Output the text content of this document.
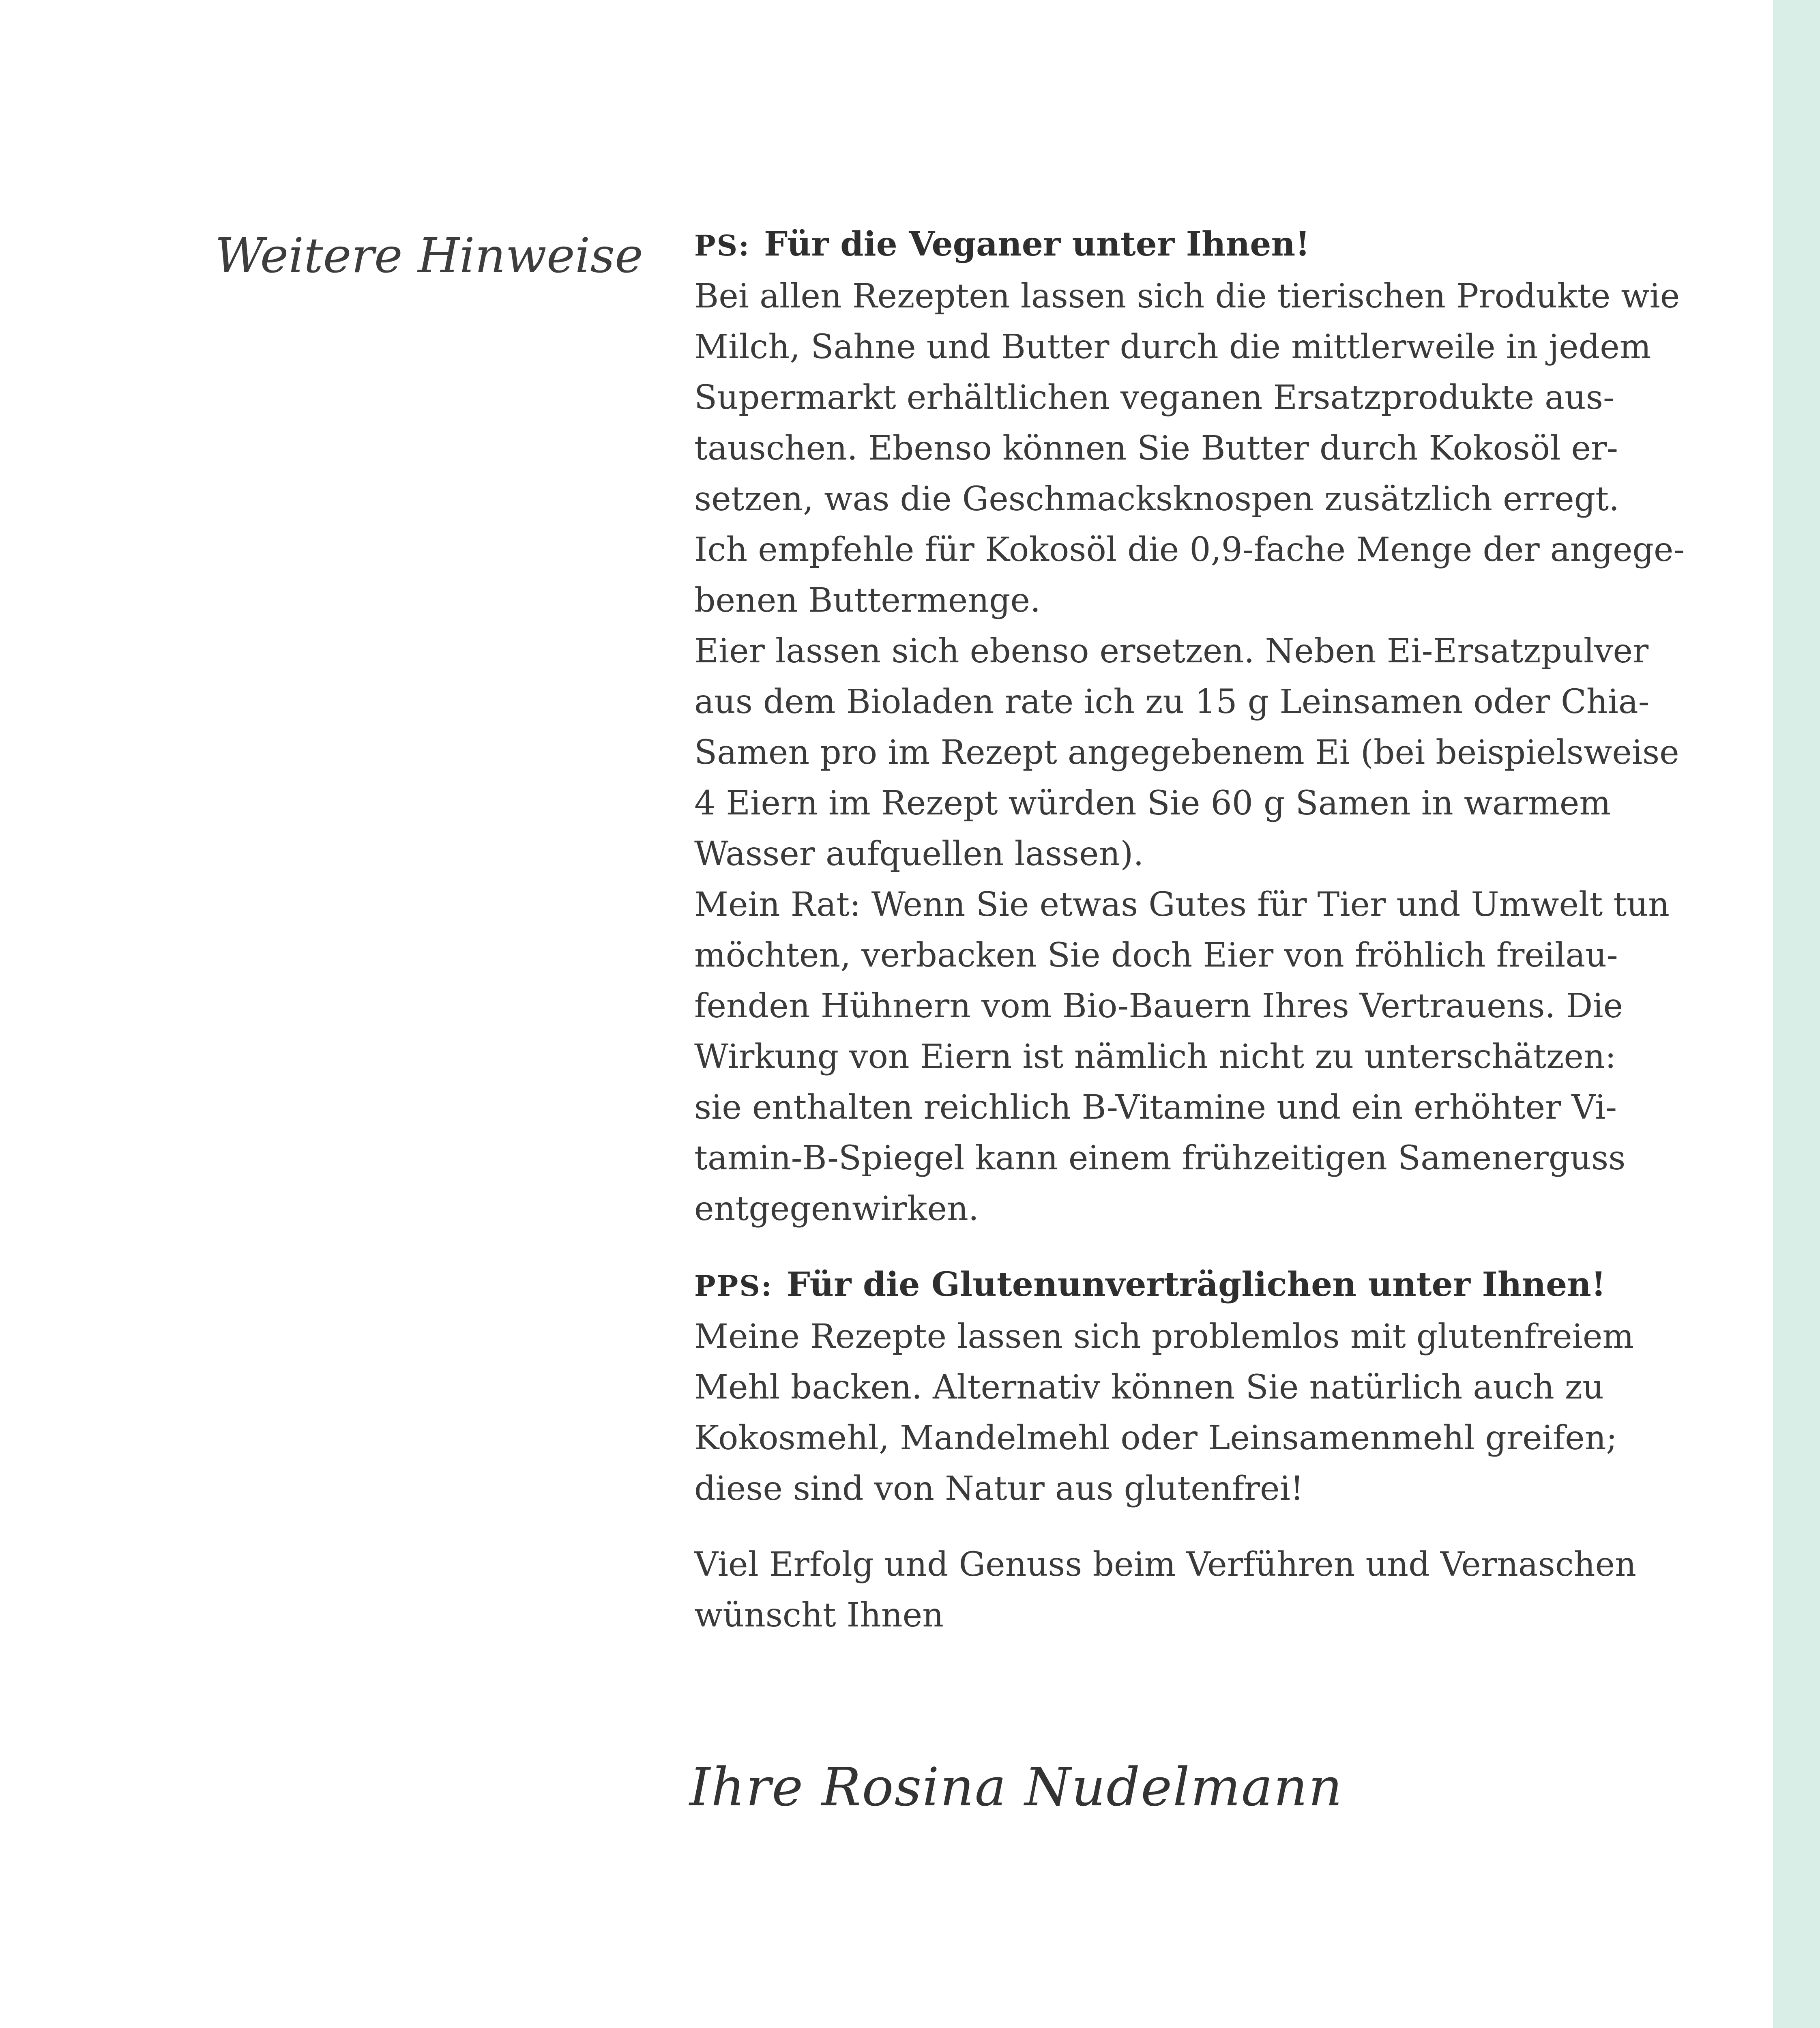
Weitere Hinweise PS: Für die Veganer unter Ihnen!
Bei allen Rezepten lassen sich die tierischen Produkte wie
Milch, Sahne und Butter durch die mittlerweile in jedem
Supermarkt erhältlichen veganen Ersatzprodukte aus-
tauschen. Ebenso können Sie Butter durch Kokosöl er-
setzen, was die Geschmacksknospen zusätzlich erregt.
Ich empfehle für Kokosöl die 0,9-fache Menge der angege-
benen Buttermenge.
Eier lassen sich ebenso ersetzen. Neben Ei-Ersatzpulver
aus dem Bioladen rate ich zu 15 g Leinsamen oder Chia-
Samen pro im Rezept angegebenem Ei (bei beispielsweise
4 Eiern im Rezept würden Sie 60 g Samen in warmem
Wasser aufquellen lassen).
Mein Rat: Wenn Sie etwas Gutes für Tier und Umwelt tun
möchten, verbacken Sie doch Eier von fröhlich freilau-
fenden Hühnern vom Bio-Bauern Ihres Vertrauens. Die
Wirkung von Eiern ist nämlich nicht zu unterschätzen:
sie enthalten reichlich B-Vitamine und ein erhöhter Vi-
tamin-B-Spiegel kann einem frühzeitigen Samenerguss
entgegenwirken.
PPS: Für die Glutenunverträglichen unter Ihnen!
Meine Rezepte lassen sich problemlos mit glutenfreiem
Mehl backen. Alternativ können Sie natürlich auch zu
Kokosmehl, Mandelmehl oder Leinsamenmehl greifen;
diese sind von Natur aus glutenfrei!
Viel Erfolg und Genuss beim Verführen und Vernaschen
wünscht Ihnen
Ihre Rosina Nudelmann
